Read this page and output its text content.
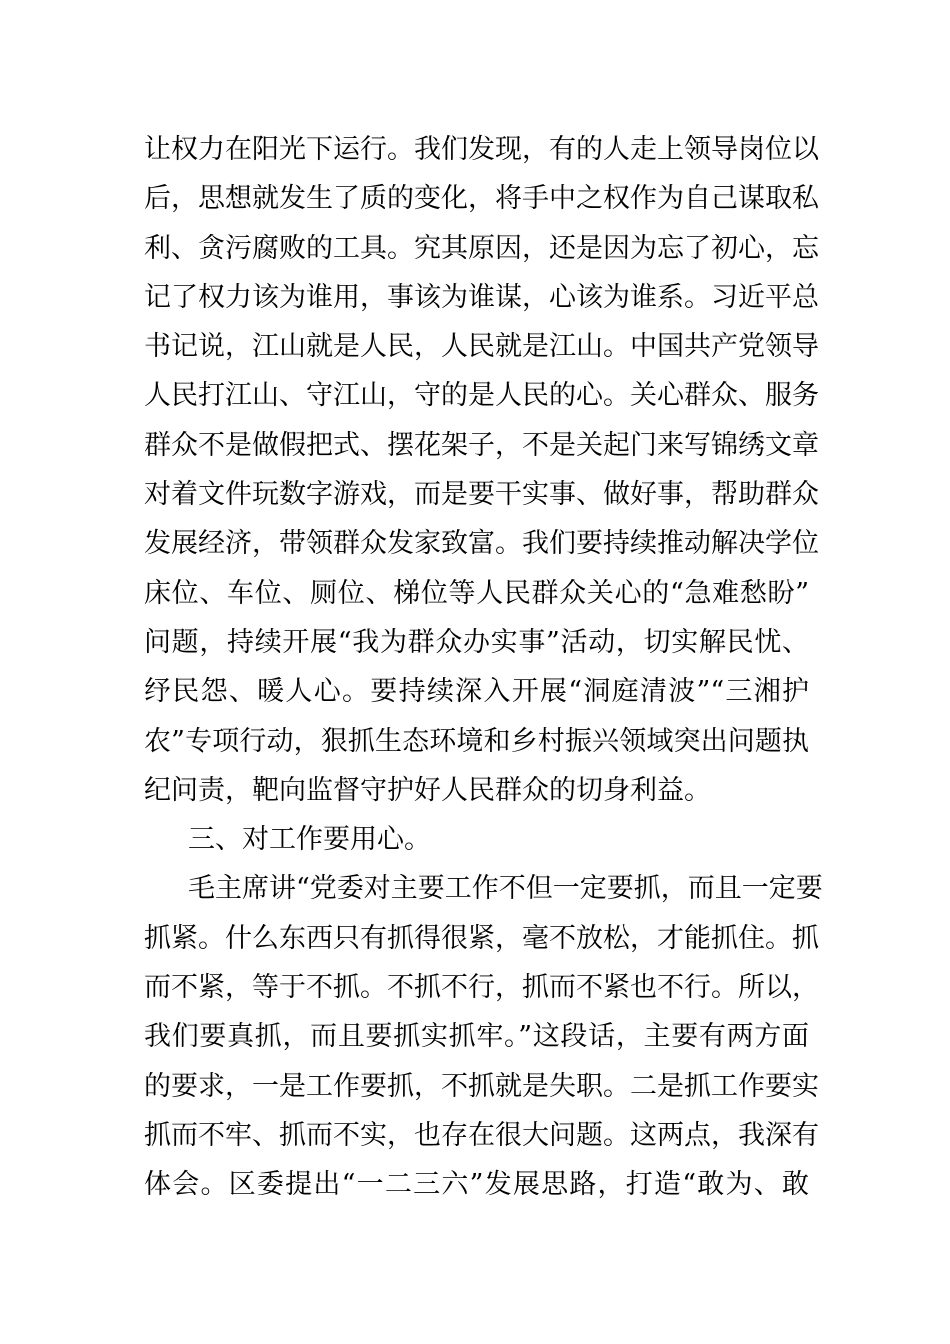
让权力在阳光下运行。我们发现，有的人走上领导岗位以
后，思想就发生了质的变化，将手中之权作为自己谋取私
利、贪污腐败的工具。究其原因，还是因为忘了初心，忘
记了权力该为谁用，事该为谁谋，心该为谁系。习近平总
书记说，江山就是人民，人民就是江山。中国共产党领导
人民打江山、守江山，守的是人民的心。关心群众、服务
群众不是做假把式、摆花架子，不是关起门来写锦绣文章
对着文件玩数字游戏，而是要干实事、做好事，帮助群众
发展经济，带领群众发家致富。我们要持续推动解决学位
床位、车位、厕位、梯位等人民群众关心的“急难愁盼”
问题，持续开展“我为群众办实事”活动，切实解民忧、
纾民怨、暖人心。要持续深入开展“洞庭清波”“三湘护
农”专项行动，狠抓生态环境和乡村振兴领域突出问题执
纪问责，靶向监督守护好人民群众的切身利益。
三、对工作要用心。
毛主席讲“党委对主要工作不但一定要抓，而且一定要
抓紧。什么东西只有抓得很紧，毫不放松，才能抓住。抓
而不紧，等于不抓。不抓不行，抓而不紧也不行。所以，
我们要真抓，而且要抓实抓牢。”这段话，主要有两方面
的要求，一是工作要抓，不抓就是失职。二是抓工作要实
抓而不牢、抓而不实，也存在很大问题。这两点，我深有
体会。区委提出“一二三六”发展思路，打造“敢为、敢
